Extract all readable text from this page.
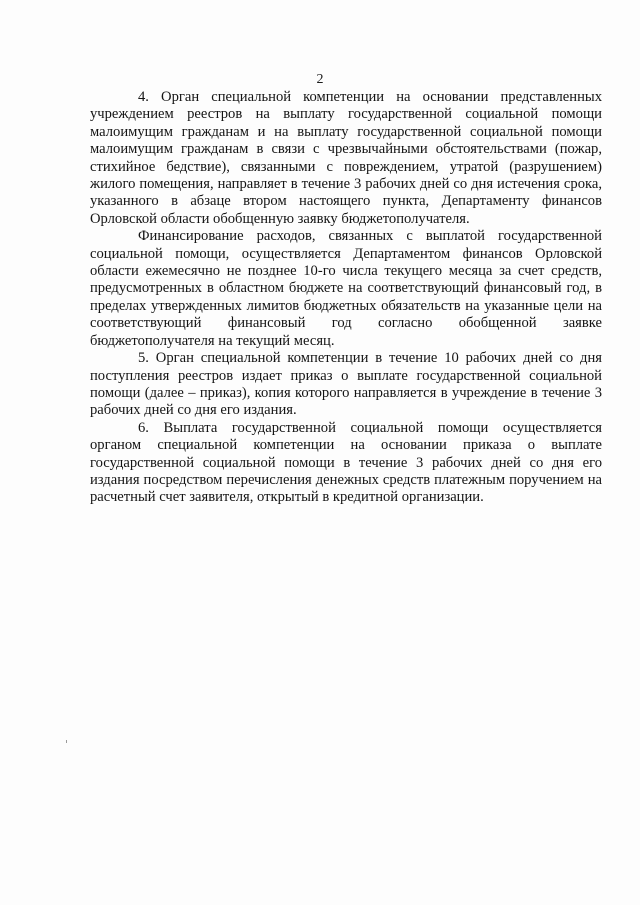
2

4. Орган специальной компетенции на основании представленных учреждением реестров на выплату государственной социальной помощи малоимущим гражданам и на выплату государственной социальной помощи малоимущим гражданам в связи с чрезвычайными обстоятельствами (пожар, стихийное бедствие), связанными с повреждением, утратой (разрушением) жилого помещения, направляет в течение 3 рабочих дней со дня истечения срока, указанного в абзаце втором настоящего пункта, Департаменту финансов Орловской области обобщенную заявку бюджетополучателя.

Финансирование расходов, связанных с выплатой государственной социальной помощи, осуществляется Департаментом финансов Орловской области ежемесячно не позднее 10-го числа текущего месяца за счет средств, предусмотренных в областном бюджете на соответствующий финансовый год, в пределах утвержденных лимитов бюджетных обязательств на указанные цели на соответствующий финансовый год согласно обобщенной заявке бюджетополучателя на текущий месяц.

5. Орган специальной компетенции в течение 10 рабочих дней со дня поступления реестров издает приказ о выплате государственной социальной помощи (далее – приказ), копия которого направляется в учреждение в течение 3 рабочих дней со дня его издания.

6. Выплата государственной социальной помощи осуществляется органом специальной компетенции на основании приказа о выплате государственной социальной помощи в течение 3 рабочих дней со дня его издания посредством перечисления денежных средств платежным поручением на расчетный счет заявителя, открытый в кредитной организации.
